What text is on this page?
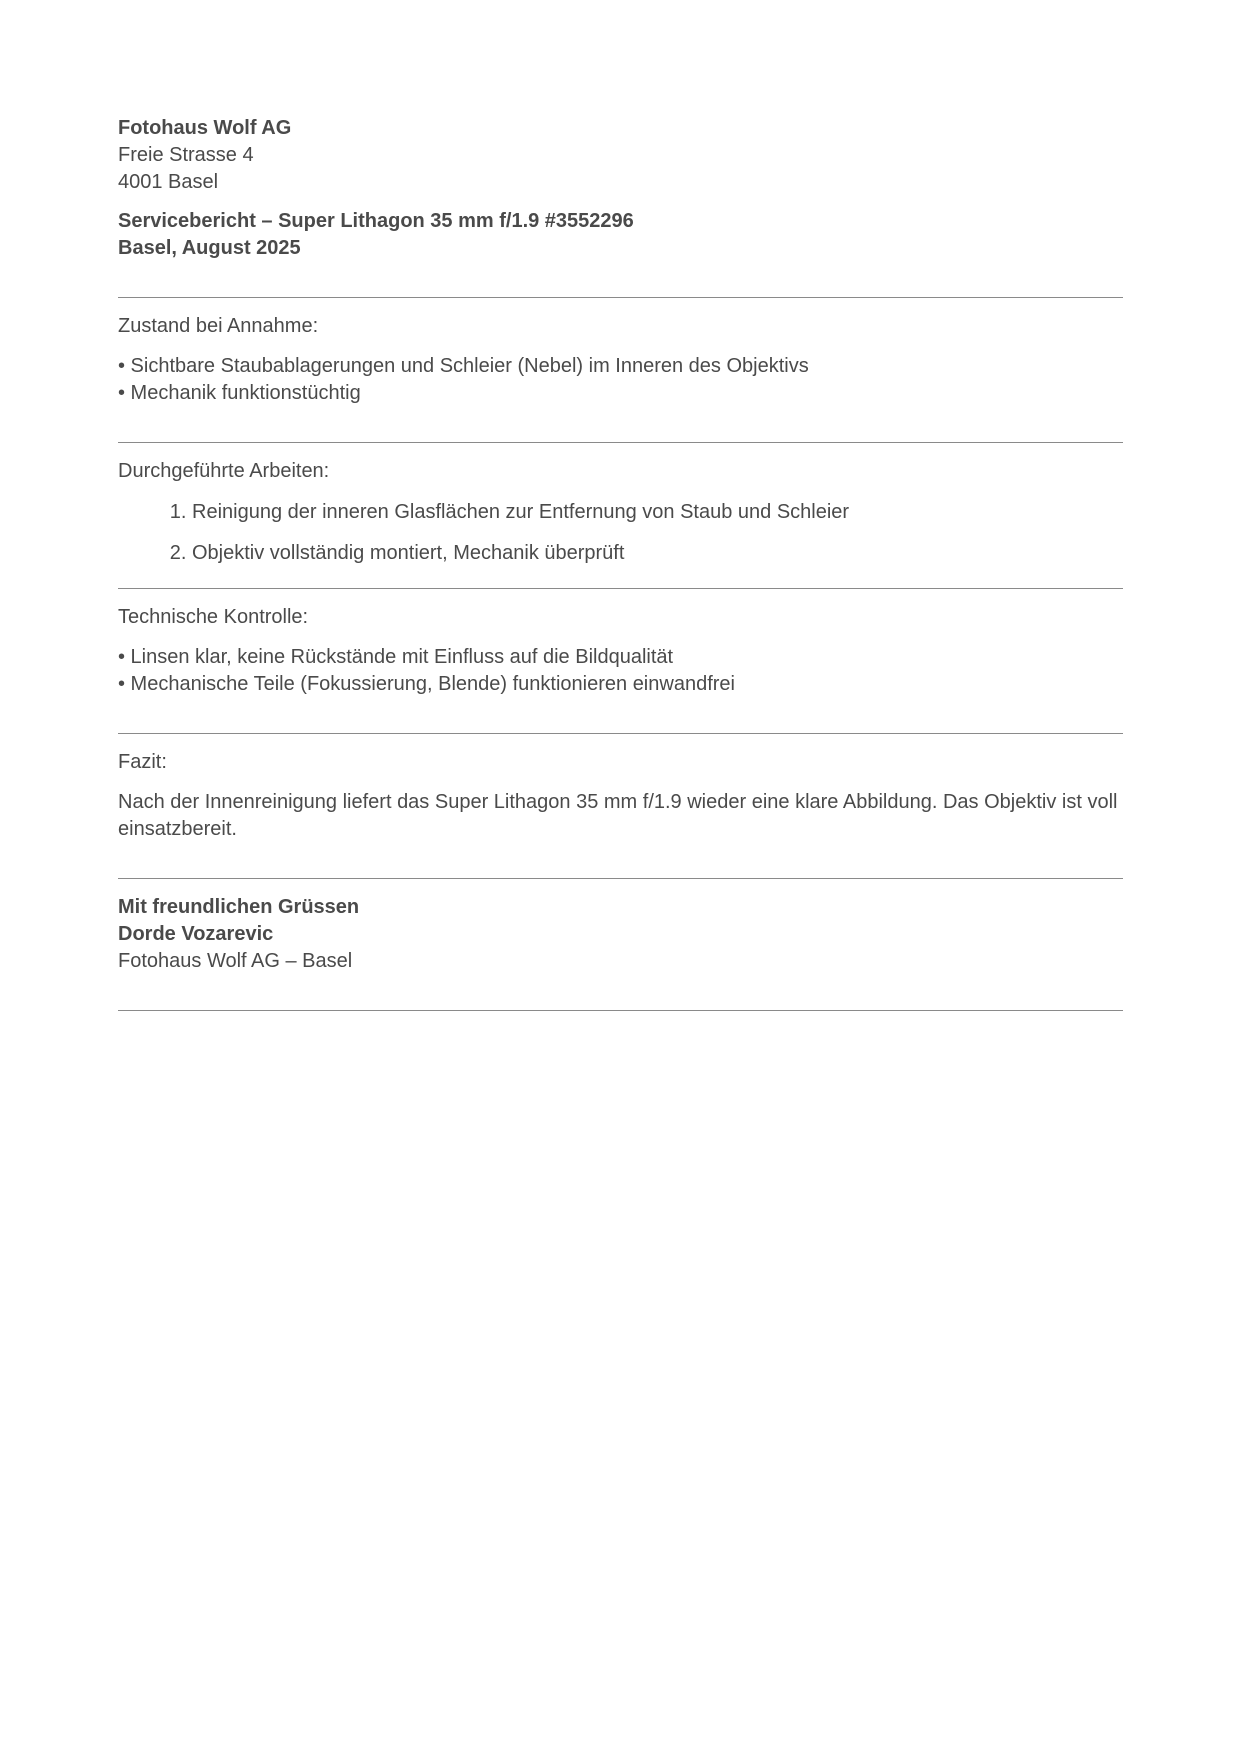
Fotohaus Wolf AG
Freie Strasse 4
4001 Basel
Servicebericht – Super Lithagon 35 mm f/1.9 #3552296
Basel, August 2025
Zustand bei Annahme:
• Sichtbare Staubablagerungen und Schleier (Nebel) im Inneren des Objektivs
• Mechanik funktionstüchtig
Durchgeführte Arbeiten:
1. Reinigung der inneren Glasflächen zur Entfernung von Staub und Schleier
2. Objektiv vollständig montiert, Mechanik überprüft
Technische Kontrolle:
• Linsen klar, keine Rückstände mit Einfluss auf die Bildqualität
• Mechanische Teile (Fokussierung, Blende) funktionieren einwandfrei
Fazit:
Nach der Innenreinigung liefert das Super Lithagon 35 mm f/1.9 wieder eine klare Abbildung. Das Objektiv ist voll einsatzbereit.
Mit freundlichen Grüssen
Dorde Vozarevic
Fotohaus Wolf AG – Basel
